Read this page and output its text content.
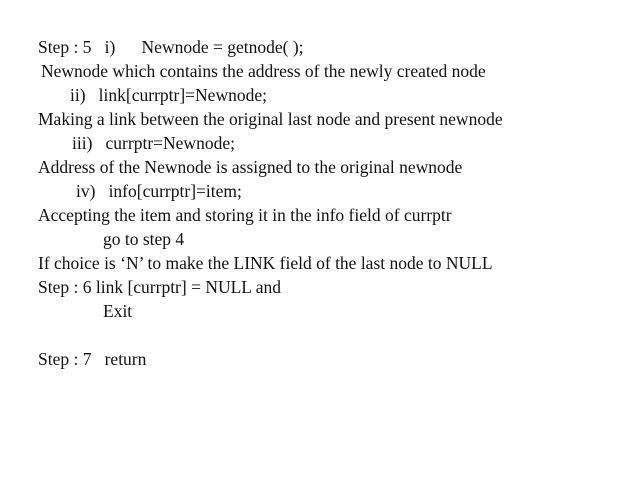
Step : 5   i)      Newnode = getnode( );
Newnode which contains the address of the newly created node
ii)   link[currptr]=Newnode;
Making a link between the original last node and present newnode
iii)   currptr=Newnode;
Address of the Newnode is assigned to the original newnode
iv)   info[currptr]=item;
Accepting the item and storing it in the info field of currptr
go to step 4
If choice is ‘N’ to make the LINK field of the last node to NULL
Step : 6 link [currptr] = NULL and
Exit
Step : 7   return
